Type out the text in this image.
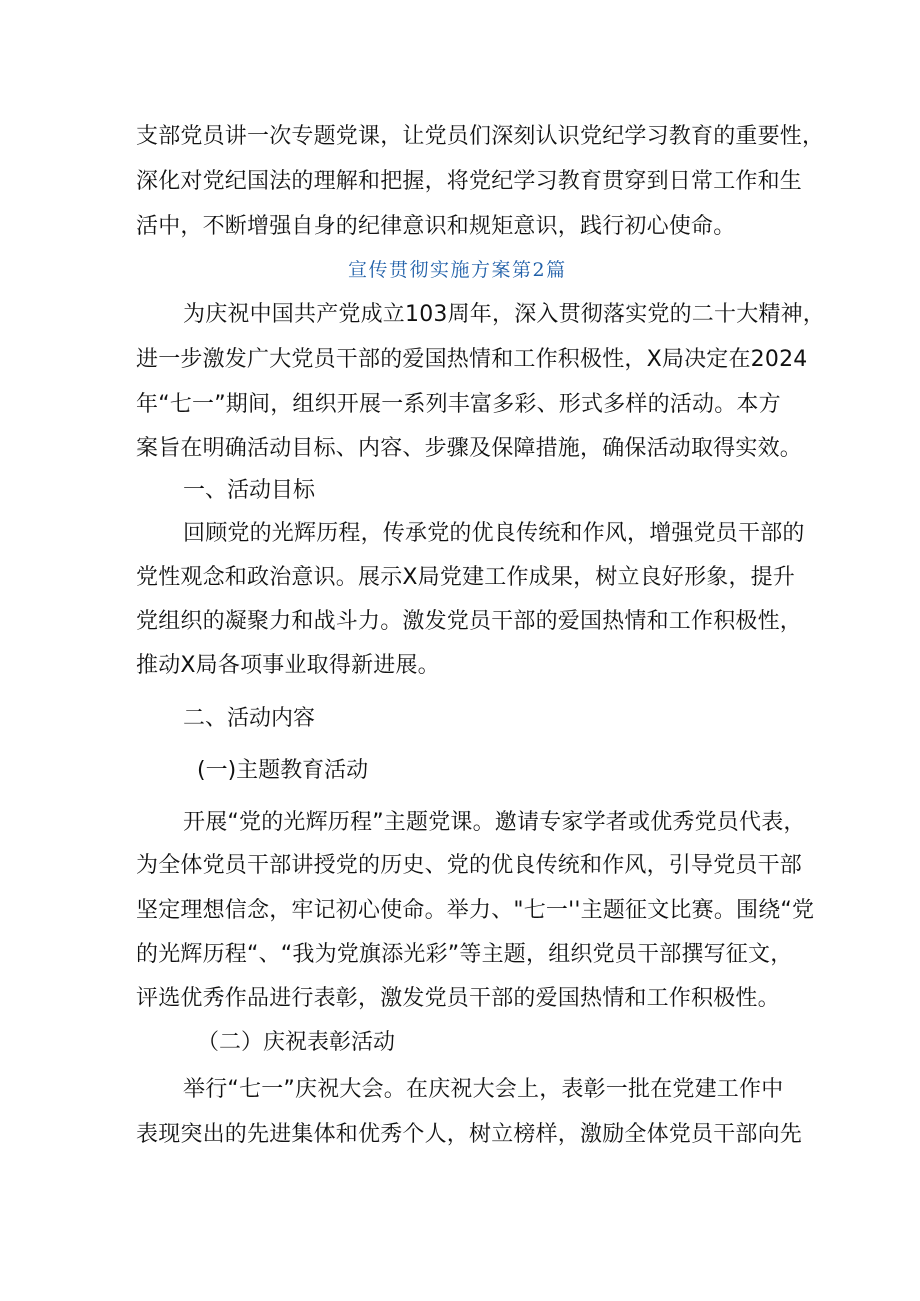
支部党员讲一次专题党课，让党员们深刻认识党纪学习教育的重要性，
深化对党纪国法的理解和把握，将党纪学习教育贯穿到日常工作和生
活中，不断增强自身的纪律意识和规矩意识，践行初心使命。
宣传贯彻实施方案第2篇
为庆祝中国共产党成立103周年，深入贯彻落实党的二十大精神，
进一步激发广大党员干部的爱国热情和工作积极性，X局决定在2024
年“七一”期间，组织开展一系列丰富多彩、形式多样的活动。本方
案旨在明确活动目标、内容、步骤及保障措施，确保活动取得实效。
一、活动目标
回顾党的光辉历程，传承党的优良传统和作风，增强党员干部的
党性观念和政治意识。展示X局党建工作成果，树立良好形象，提升
党组织的凝聚力和战斗力。激发党员干部的爱国热情和工作积极性，
推动X局各项事业取得新进展。
二、活动内容
(一)主题教育活动
开展“党的光辉历程”主题党课。邀请专家学者或优秀党员代表，
为全体党员干部讲授党的历史、党的优良传统和作风，引导党员干部
坚定理想信念，牢记初心使命。举力、"七一''主题征文比赛。围绕“党
的光辉历程“、“我为党旗添光彩”等主题，组织党员干部撰写征文，
评选优秀作品进行表彰，激发党员干部的爱国热情和工作积极性。
（二）庆祝表彰活动
举行“七一”庆祝大会。在庆祝大会上，表彰一批在党建工作中
表现突出的先进集体和优秀个人，树立榜样，激励全体党员干部向先
